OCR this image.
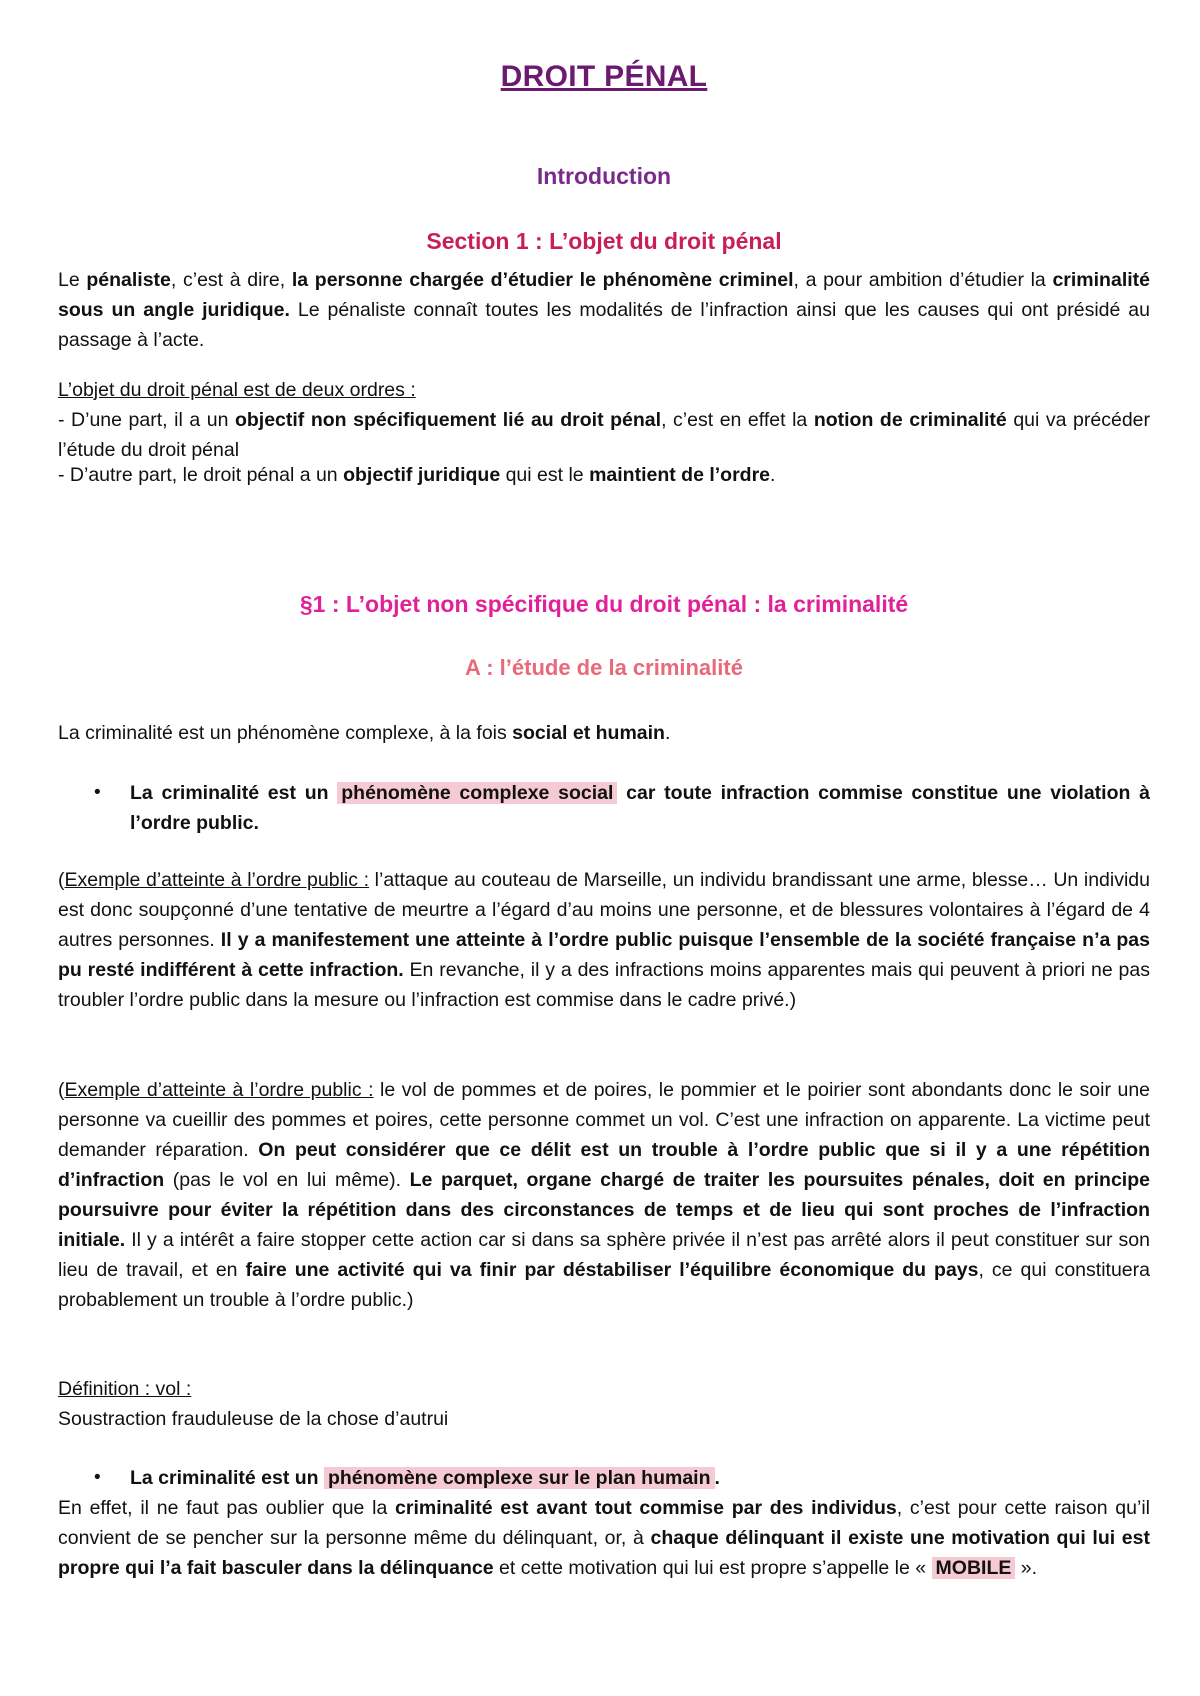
DROIT PÉNAL
Introduction
Section 1 : L’objet du droit pénal

Le pénaliste, c’est à dire, la personne chargée d’étudier le phénomène criminel, a pour ambition d’étudier la criminalité sous un angle juridique. Le pénaliste connaît toutes les modalités de l’infraction ainsi que les causes qui ont présidé au passage à l’acte.

L’objet du droit pénal est de deux ordres :

- D’une part, il a un objectif non spécifiquement lié au droit pénal, c’est en effet la notion de criminalité qui va précéder l’étude du droit pénal

- D’autre part, le droit pénal a un objectif juridique qui est le maintient de l’ordre.

§1 : L’objet non spécifique du droit pénal : la criminalité
A : l’étude de la criminalité

La criminalité est un phénomène complexe, à la fois social et humain.

• La criminalité est un phénomène complexe social car toute infraction commise constitue une violation à l’ordre public.

(Exemple d’atteinte à l’ordre public : l’attaque au couteau de Marseille, un individu brandissant une arme, blesse… Un individu est donc soupçonné d’une tentative de meurtre a l’égard d’au moins une personne, et de blessures volontaires à l’égard de 4 autres personnes. Il y a manifestement une atteinte à l’ordre public puisque l’ensemble de la société française n’a pas pu resté indifférent à cette infraction. En revanche, il y a des infractions moins apparentes mais qui peuvent à priori ne pas troubler l’ordre public dans la mesure ou l’infraction est commise dans le cadre privé.)

(Exemple d’atteinte à l’ordre public : le vol de pommes et de poires, le pommier et le poirier sont abondants donc le soir une personne va cueillir des pommes et poires, cette personne commet un vol. C’est une infraction on apparente. La victime peut demander réparation. On peut considérer que ce délit est un trouble à l’ordre public que si il y a une répétition d’infraction (pas le vol en lui même). Le parquet, organe chargé de traiter les poursuites pénales, doit en principe poursuivre pour éviter la répétition dans des circonstances de temps et de lieu qui sont proches de l’infraction initiale. Il y a intérêt a faire stopper cette action car si dans sa sphère privée il n’est pas arrêté alors il peut constituer sur son lieu de travail, et en faire une activité qui va finir par déstabiliser l’équilibre économique du pays, ce qui constituera probablement un trouble à l’ordre public.)

Définition : vol :

Soustraction frauduleuse de la chose d’autrui

• La criminalité est un phénomène complexe sur le plan humain .

En effet, il ne faut pas oublier que la criminalité est avant tout commise par des individus, c’est pour cette raison qu’il convient de se pencher sur la personne même du délinquant, or, à chaque délinquant il existe une motivation qui lui est propre qui l’a fait basculer dans la délinquance et cette motivation qui lui est propre s’appelle le « MOBILE ».
